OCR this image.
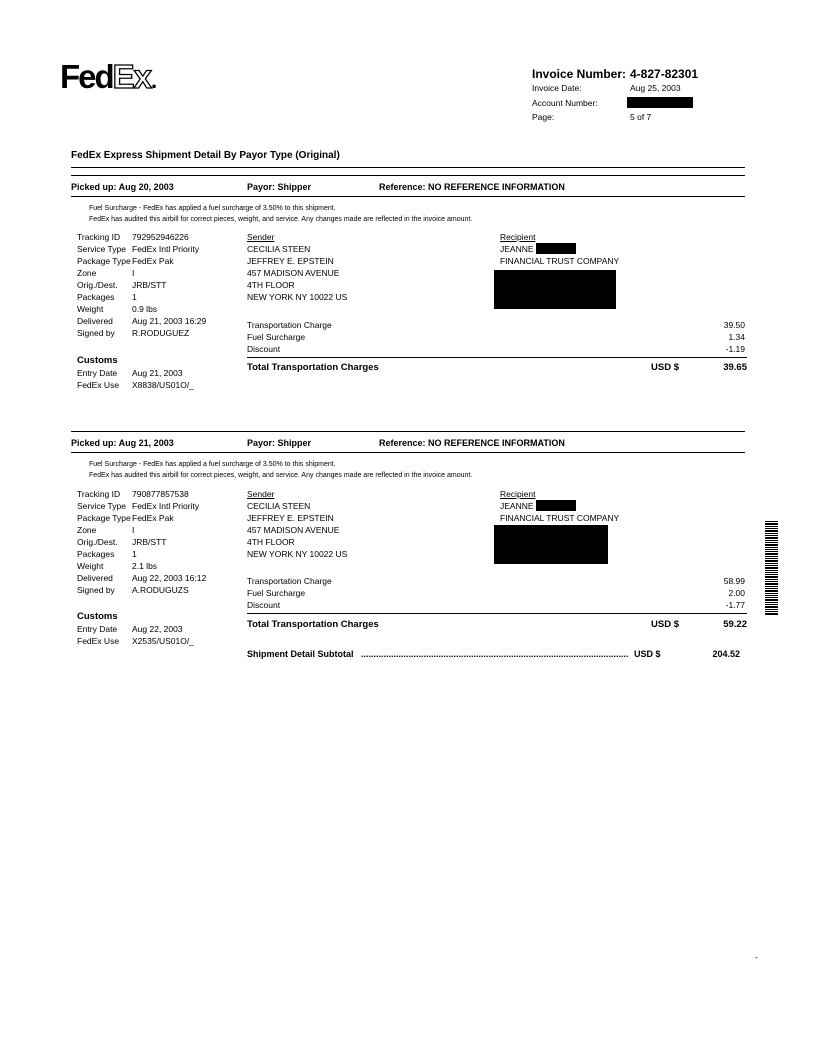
FedEx.	Invoice Number: 4-827-82301
Invoice Date:	Aug 25, 2003
Account Number:
Page:	5 of 7
FedEx Express Shipment Detail By Payor Type (Original)
Picked up: Aug 20, 2003	Payor: Shipper	Reference: NO REFERENCE INFORMATION
Fuel Surcharge - FedEx has applied a fuel surcharge of 3.50% to this shipment.
FedEx has audited this airbill for correct pieces, weight, and service. Any changes made are reflected in the invoice amount.
Tracking ID 792952946226
Service Type FedEx Intl Priority
Package Type FedEx Pak
Zone	I
Orig./Dest. JRB/STT
Packages 1
Weight	0.9 lbs
Delivered Aug 21, 2003 16:29
Signed by R.RODUGUEZ
Customs
Entry Date Aug 21, 2003
FedEx Use X8838/US01O/_
Sender
CECILIA STEEN
JEFFREY E. EPSTEIN
457 MADISON AVENUE
4TH FLOOR
NEW YORK NY 10022 US
Recipient
JEANNE
FINANCIAL TRUST COMPANY
Transportation Charge	39.50
Fuel Surcharge	1.34
Discount	-1.19
Total Transportation Charges	USD $	39.65
Picked up: Aug 21, 2003	Payor: Shipper	Reference: NO REFERENCE INFORMATION
Fuel Surcharge - FedEx has applied a fuel surcharge of 3.50% to this shipment.
FedEx has audited this airbill for correct pieces, weight, and service. Any changes made are reflected in the invoice amount.
Tracking ID 790877857538
Service Type FedEx Intl Priority
Package Type FedEx Pak
Zone	I
Orig./Dest. JRB/STT
Packages 1
Weight	2.1 lbs
Delivered Aug 22, 2003 16:12
Signed by A.RODUGUZS
Customs
Entry Date Aug 22, 2003
FedEx Use X2535/US01O/_
Sender
CECILIA STEEN
JEFFREY E. EPSTEIN
457 MADISON AVENUE
4TH FLOOR
NEW YORK NY 10022 US
Recipient
JEANNE
FINANCIAL TRUST COMPANY
Transportation Charge	58.99
Fuel Surcharge	2.00
Discount	-1.77
Total Transportation Charges	USD $	59.22
Shipment Detail Subtotal ........................................................................................................... USD $	204.52
-
